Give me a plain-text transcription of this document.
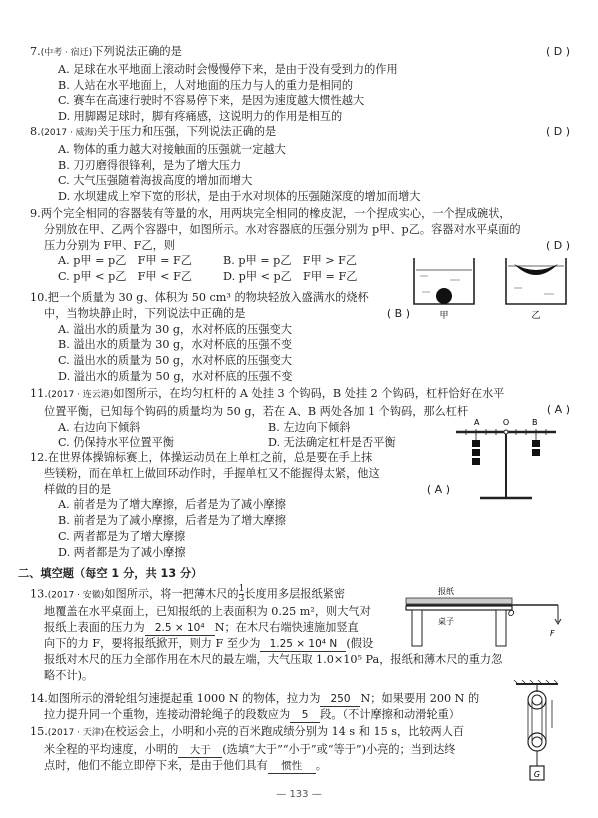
7.(中考 · 宿迁)下列说法正确的是	( D )
A. 足球在水平地面上滚动时会慢慢停下来，是由于没有受到力的作用
B. 人站在水平地面上，人对地面的压力与人的重力是相同的
C. 赛车在高速行驶时不容易停下来，是因为速度越大惯性越大
D. 用脚踢足球时，脚有疼痛感，这说明力的作用是相互的
8.(2017 · 威海)关于压力和压强，下列说法正确的是	( D )
A. 物体的重力越大对接触面的压强就一定越大
B. 刀刃磨得很锋利，是为了增大压力
C. 大气压强随着海拔高度的增加而增大
D. 水坝建成上窄下宽的形状，是由于水对坝体的压强随深度的增加而增大
9.两个完全相同的容器装有等量的水，用两块完全相同的橡皮泥，一个捏成实心，一个捏成碗状，
分别放在甲、乙两个容器中，如图所示。水对容器底的压强分别为 p甲、p乙。容器对水平桌面的
压力分别为 F甲、F乙，则	( D )
A. p甲 = p乙　F甲 = F乙	B. p甲 = p乙　F甲 > F乙
C. p甲 < p乙　F甲 < F乙	D. p甲 < p乙　F甲 = F乙
甲	乙
10.把一个质量为 30 g、体积为 50 cm³ 的物块轻放入盛满水的烧杯
中，当物块静止时，下列说法中正确的是	( B )
A. 溢出水的质量为 30 g，水对杯底的压强变大
B. 溢出水的质量为 30 g，水对杯底的压强不变
C. 溢出水的质量为 50 g，水对杯底的压强变大
D. 溢出水的质量为 50 g，水对杯底的压强不变
11.(2017 · 连云港)如图所示，在均匀杠杆的 A 处挂 3 个钩码，B 处挂 2 个钩码，杠杆恰好在水平
位置平衡，已知每个钩码的质量均为 50 g，若在 A、B 两处各加 1 个钩码，那么杠杆	( A )
A. 右边向下倾斜	B. 左边向下倾斜
C. 仍保持水平位置平衡	D. 无法确定杠杆是否平衡
A	O	B
12.在世界体操锦标赛上，体操运动员在上单杠之前，总是要在手上抹
些镁粉，而在单杠上做回环动作时，手握单杠又不能握得太紧，他这
样做的目的是	( A )
A. 前者是为了增大摩擦，后者是为了减小摩擦
B. 前者是为了减小摩擦，后者是为了增大摩擦
C. 两者都是为了增大摩擦
D. 两者都是为了减小摩擦
二、填空题（每空 1 分，共 13 分）
13.(2017 · 安徽)如图所示，将一把薄木尺的 $\frac{1}{3}$ 长度用多层报纸紧密
地覆盖在水平桌面上，已知报纸的上表面积为 0.25 m²，则大气对
报纸上表面的压力为 2.5 × 10⁴ N；在木尺右端快速施加竖直
向下的力 F，要将报纸掀开，则力 F 至少为 1.25 × 10⁴ N (假设
报纸对木尺的压力全部作用在木尺的最左端，大气压取 1.0×10⁵ Pa，报纸和薄木尺的重力忽
略不计)。
报纸
桌子
O
F
14.如图所示的滑轮组匀速提起重 1000 N 的物体，拉力为 250 N；如果要用 200 N 的
拉力提升同一个重物，连接动滑轮绳子的段数应为 5 段。（不计摩擦和动滑轮重）
G
15.(2017 · 天津)在校运会上，小明和小亮的百米跑成绩分别为 14 s 和 15 s，比较两人百
米全程的平均速度，小明的 大于 (选填“大于”“小于”或“等于”)小亮的；当到达终
点时，他们不能立即停下来，是由于他们具有 惯性 。
— 133 —
